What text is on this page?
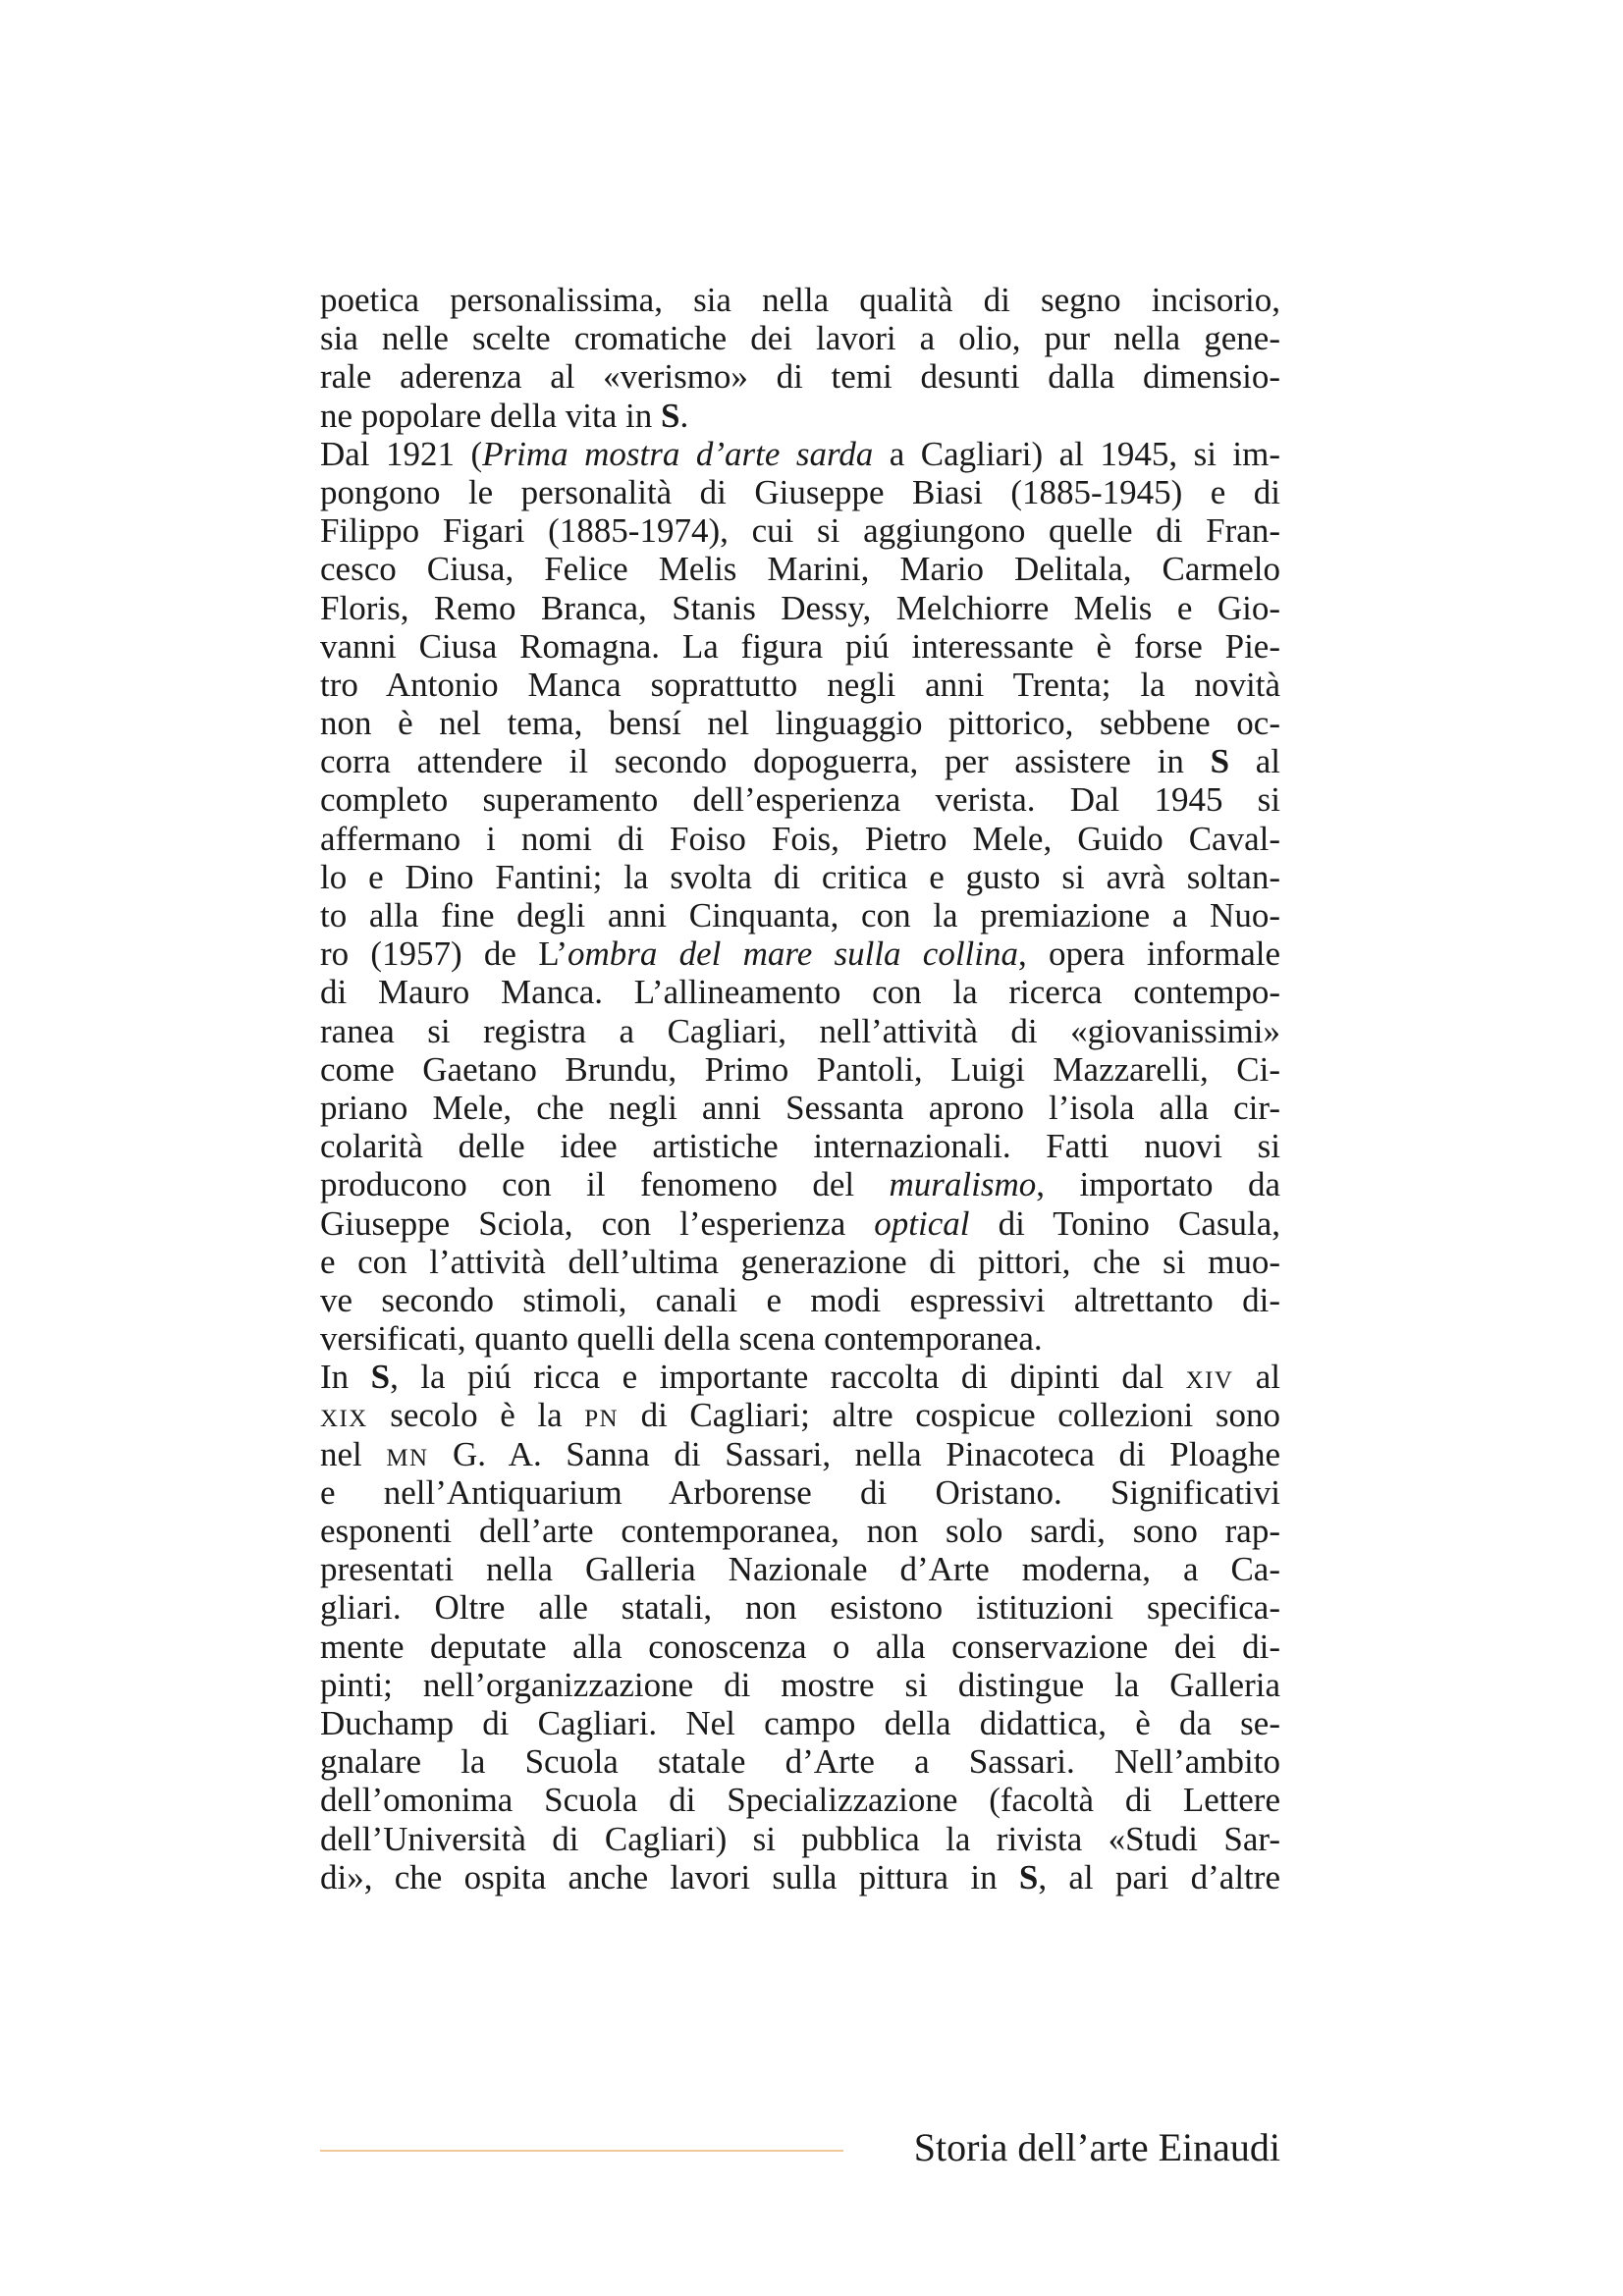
poetica personalissima, sia nella qualità di segno incisorio,
sia nelle scelte cromatiche dei lavori a olio, pur nella gene-
rale aderenza al «verismo» di temi desunti dalla dimensio-
ne popolare della vita in S.
Dal 1921 (Prima mostra d’arte sarda a Cagliari) al 1945, si im-
pongono le personalità di Giuseppe Biasi (1885-1945) e di
Filippo Figari (1885-1974), cui si aggiungono quelle di Fran-
cesco Ciusa, Felice Melis Marini, Mario Delitala, Carmelo
Floris, Remo Branca, Stanis Dessy, Melchiorre Melis e Gio-
vanni Ciusa Romagna. La figura piú interessante è forse Pie-
tro Antonio Manca soprattutto negli anni Trenta; la novità
non è nel tema, bensí nel linguaggio pittorico, sebbene oc-
corra attendere il secondo dopoguerra, per assistere in S al
completo superamento dell’esperienza verista. Dal 1945 si
affermano i nomi di Foiso Fois, Pietro Mele, Guido Caval-
lo e Dino Fantini; la svolta di critica e gusto si avrà soltan-
to alla fine degli anni Cinquanta, con la premiazione a Nuo-
ro (1957) de L’ombra del mare sulla collina, opera informale
di Mauro Manca. L’allineamento con la ricerca contempo-
ranea si registra a Cagliari, nell’attività di «giovanissimi»
come Gaetano Brundu, Primo Pantoli, Luigi Mazzarelli, Ci-
priano Mele, che negli anni Sessanta aprono l’isola alla cir-
colarità delle idee artistiche internazionali. Fatti nuovi si
producono con il fenomeno del muralismo, importato da
Giuseppe Sciola, con l’esperienza optical di Tonino Casula,
e con l’attività dell’ultima generazione di pittori, che si muo-
ve secondo stimoli, canali e modi espressivi altrettanto di-
versificati, quanto quelli della scena contemporanea.
In S, la piú ricca e importante raccolta di dipinti dal xiv al
xix secolo è la pn di Cagliari; altre cospicue collezioni sono
nel mn G. A. Sanna di Sassari, nella Pinacoteca di Ploaghe
e nell’Antiquarium Arborense di Oristano. Significativi
esponenti dell’arte contemporanea, non solo sardi, sono rap-
presentati nella Galleria Nazionale d’Arte moderna, a Ca-
gliari. Oltre alle statali, non esistono istituzioni specifica-
mente deputate alla conoscenza o alla conservazione dei di-
pinti; nell’organizzazione di mostre si distingue la Galleria
Duchamp di Cagliari. Nel campo della didattica, è da se-
gnalare la Scuola statale d’Arte a Sassari. Nell’ambito
dell’omonima Scuola di Specializzazione (facoltà di Lettere
dell’Università di Cagliari) si pubblica la rivista «Studi Sar-
di», che ospita anche lavori sulla pittura in S, al pari d’altre
Storia dell’arte Einaudi
